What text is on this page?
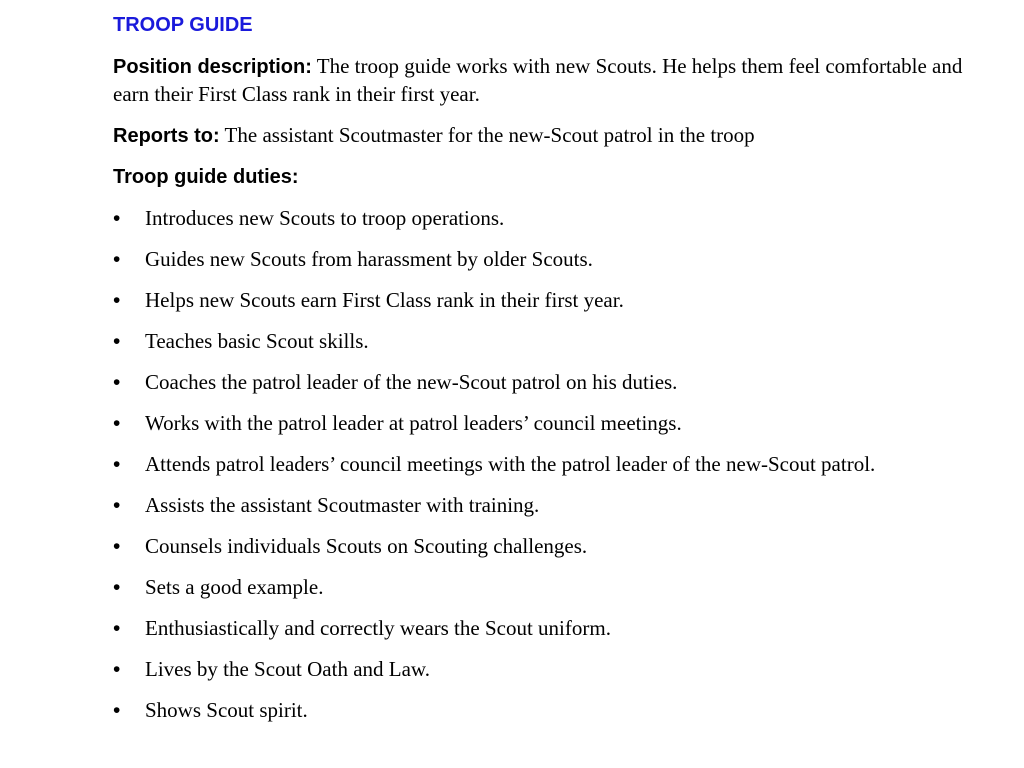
TROOP GUIDE

Position description: The troop guide works with new Scouts. He helps them feel comfortable and earn their First Class rank in their first year.

Reports to: The assistant Scoutmaster for the new-Scout patrol in the troop

Troop guide duties:
• Introduces new Scouts to troop operations.
• Guides new Scouts from harassment by older Scouts.
• Helps new Scouts earn First Class rank in their first year.
• Teaches basic Scout skills.
• Coaches the patrol leader of the new-Scout patrol on his duties.
• Works with the patrol leader at patrol leaders’ council meetings.
• Attends patrol leaders’ council meetings with the patrol leader of the new-Scout patrol.
• Assists the assistant Scoutmaster with training.
• Counsels individuals Scouts on Scouting challenges.
• Sets a good example.
• Enthusiastically and correctly wears the Scout uniform.
• Lives by the Scout Oath and Law.
• Shows Scout spirit.
